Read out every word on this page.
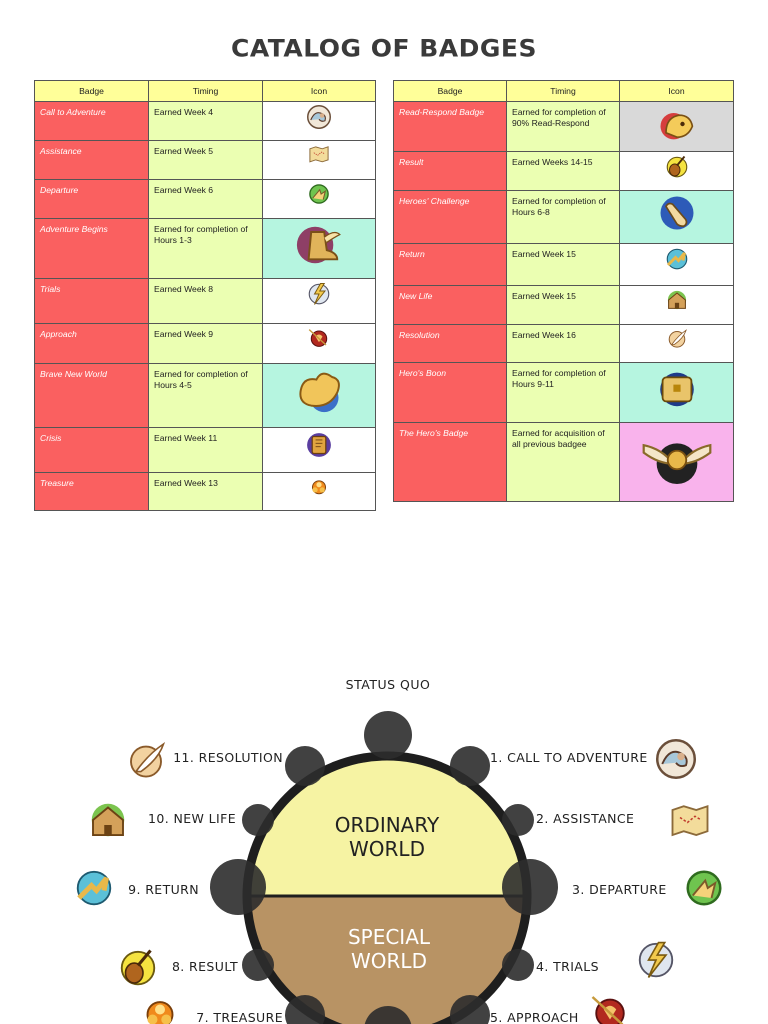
CATALOG OF BADGES
Badge	Timing	Icon
Call to Adventure	Earned Week 4	

Assistance	Earned Week 5	

Departure	Earned Week 6	

Adventure Begins	Earned for completion of Hours 1-3	

Trials	Earned Week 8	

Approach	Earned Week 9	

Brave New World	Earned for completion of Hours 4-5	

Crisis	Earned Week 11	

Treasure	Earned Week 13	
Badge	Timing	Icon
Read-Respond Badge	Earned for completion of 90% Read-Respond	

Result	Earned Weeks 14-15	

Heroes' Challenge	Earned for completion of Hours 6-8	

Return	Earned Week 15	

New Life	Earned Week 15	

Resolution	Earned Week 16	

Hero's Boon	Earned for completion of Hours 9-11	

The Hero's Badge	Earned for acquisition of all previous badgee	
STATUS QUO
ORDINARY
WORLD
SPECIAL
WORLD
1. CALL TO ADVENTURE
2. ASSISTANCE
3. DEPARTURE
4. TRIALS
5. APPROACH
7. TREASURE
8. RESULT
9. RETURN
10. NEW LIFE
11. RESOLUTION
